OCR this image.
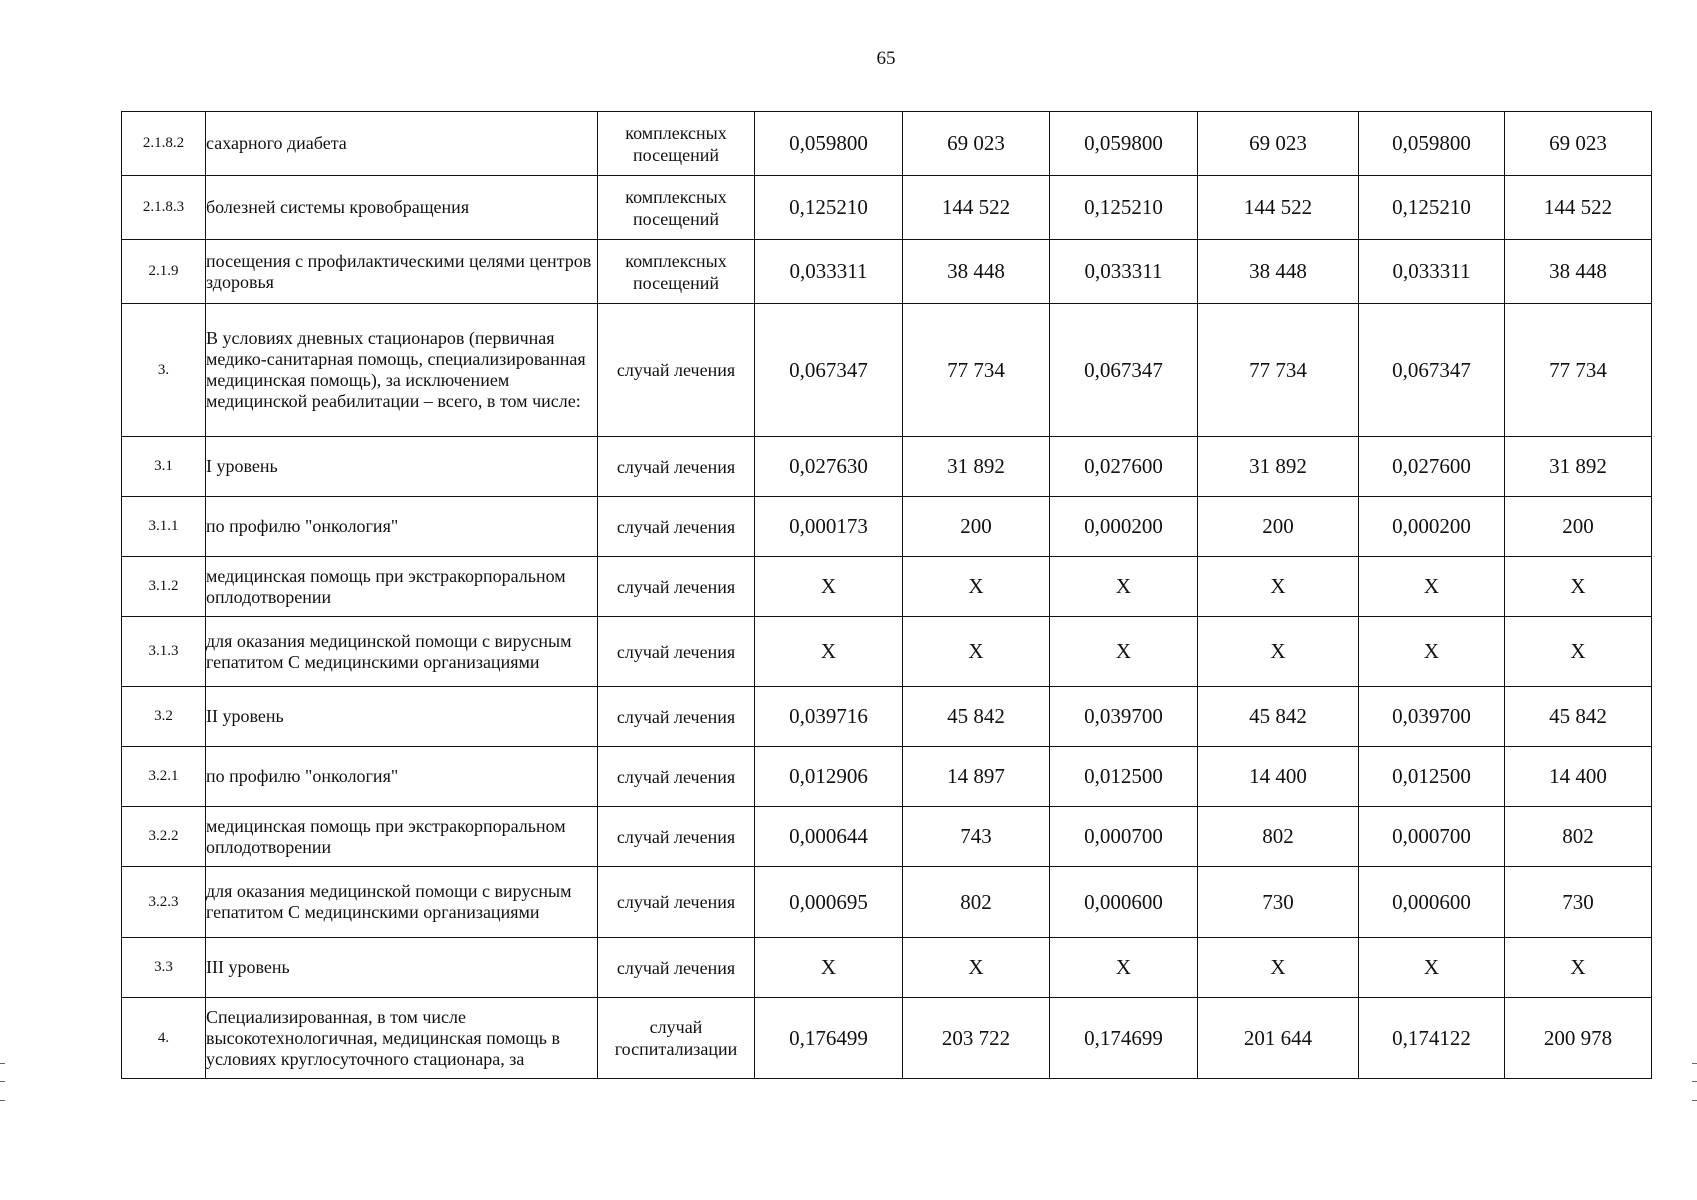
65
2.1.8.2	сахарного диабета	комплексных посещений	0,059800	69 023	0,059800	69 023	0,059800	69 023
2.1.8.3	болезней системы кровобращения	комплексных посещений	0,125210	144 522	0,125210	144 522	0,125210	144 522
2.1.9	посещения с профилактическими целями центров здоровья	комплексных посещений	0,033311	38 448	0,033311	38 448	0,033311	38 448
3.	В условиях дневных стационаров (первичная медико-санитарная помощь, специализированная медицинская помощь), за исключением медицинской реабилитации – всего, в том числе:	случай лечения	0,067347	77 734	0,067347	77 734	0,067347	77 734
3.1	I уровень	случай лечения	0,027630	31 892	0,027600	31 892	0,027600	31 892
3.1.1	по профилю "онкология"	случай лечения	0,000173	200	0,000200	200	0,000200	200
3.1.2	медицинская помощь при экстракорпоральном оплодотворении	случай лечения	X	X	X	X	X	X
3.1.3	для оказания медицинской помощи с вирусным гепатитом С медицинскими организациями	случай лечения	X	X	X	X	X	X
3.2	II уровень	случай лечения	0,039716	45 842	0,039700	45 842	0,039700	45 842
3.2.1	по профилю "онкология"	случай лечения	0,012906	14 897	0,012500	14 400	0,012500	14 400
3.2.2	медицинская помощь при экстракорпоральном оплодотворении	случай лечения	0,000644	743	0,000700	802	0,000700	802
3.2.3	для оказания медицинской помощи с вирусным гепатитом С медицинскими организациями	случай лечения	0,000695	802	0,000600	730	0,000600	730
3.3	III уровень	случай лечения	X	X	X	X	X	X
4.	Специализированная, в том числе высокотехнологичная, медицинская помощь в условиях круглосуточного стационара, за	случай госпитализации	0,176499	203 722	0,174699	201 644	0,174122	200 978
